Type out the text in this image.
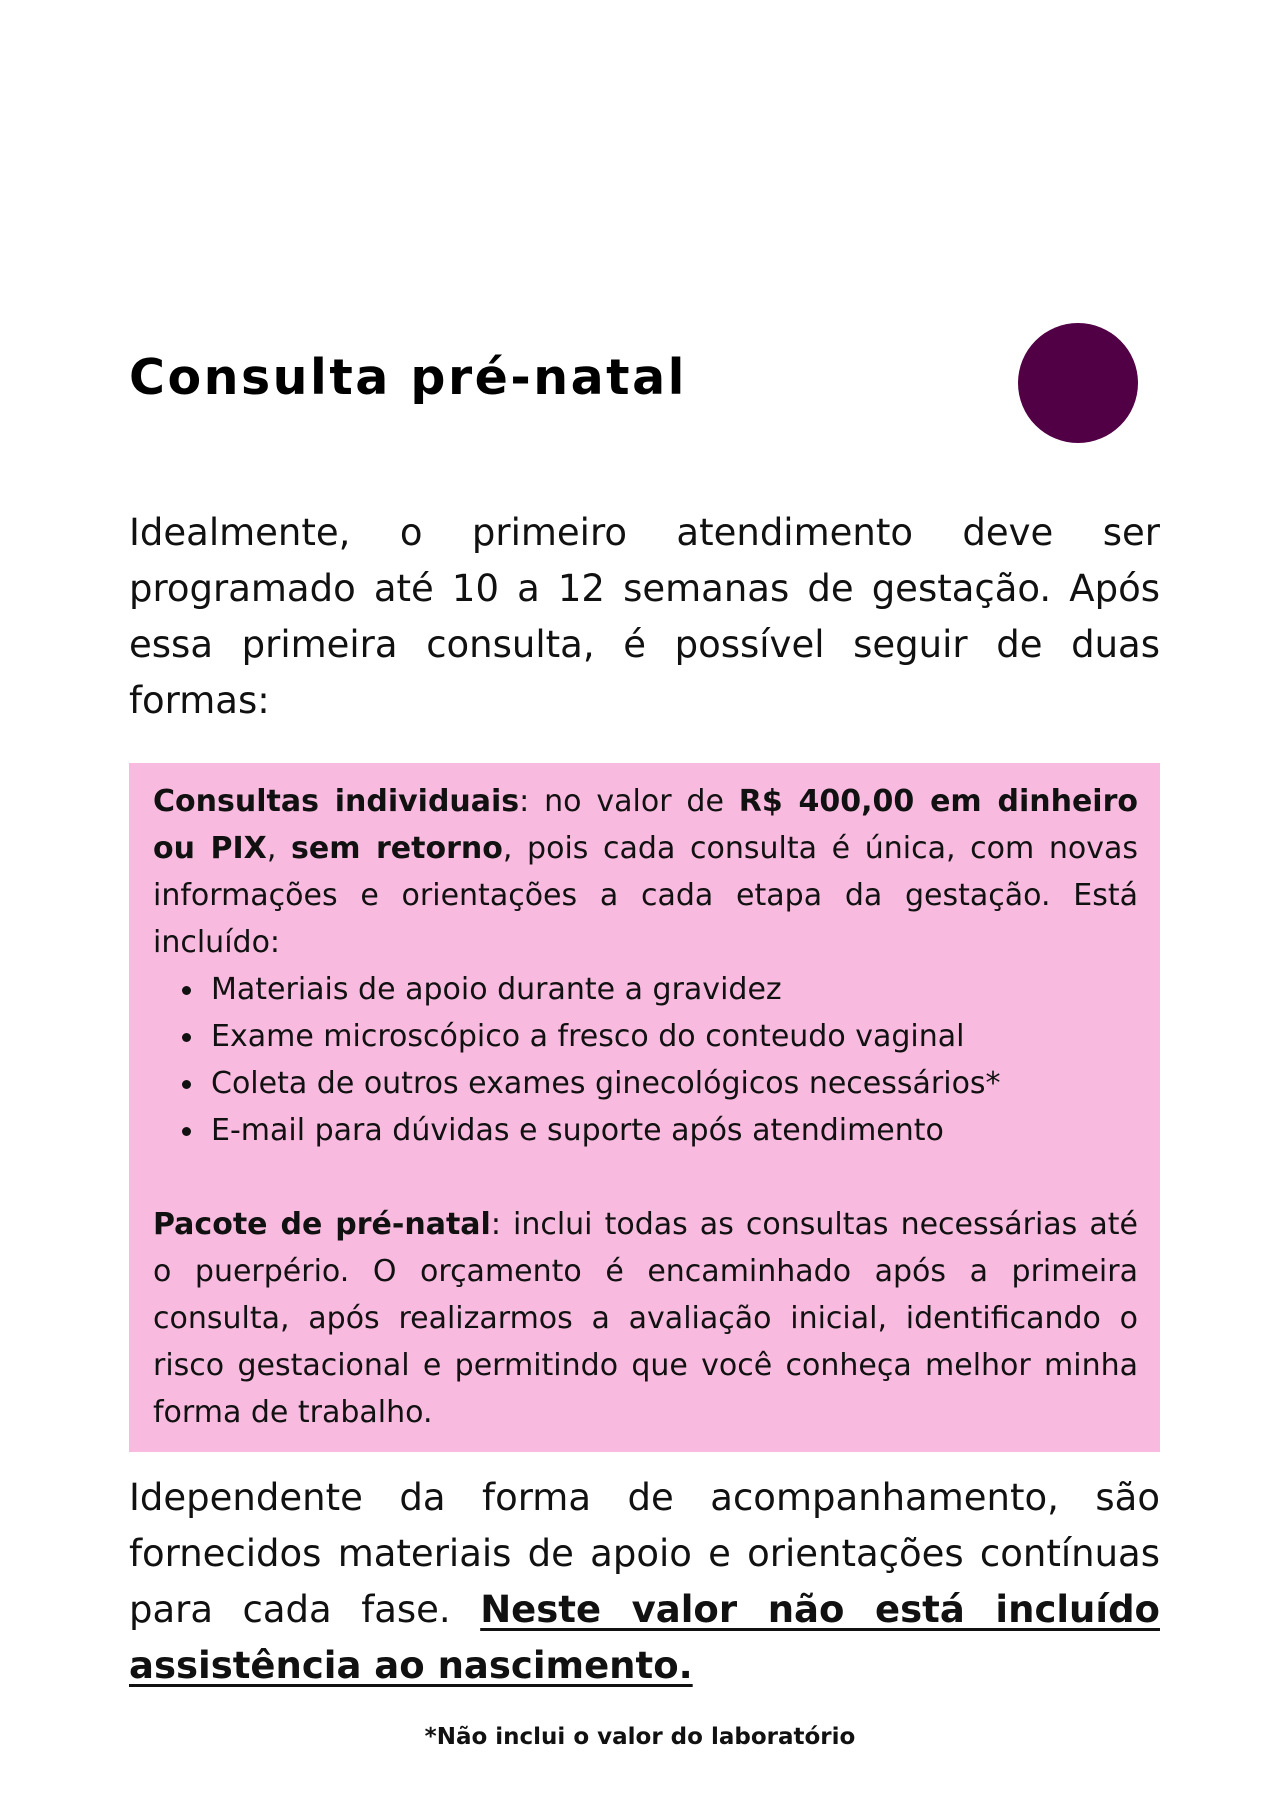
Consulta pré-natal

Idealmente, o primeiro atendimento deve ser programado até 10 a 12 semanas de gestação. Após essa primeira consulta, é possível seguir de duas formas:

Consultas individuais: no valor de R$ 400,00 em dinheiro ou PIX, sem retorno, pois cada consulta é única, com novas informações e orientações a cada etapa da gestação. Está incluído:

Materiais de apoio durante a gravidez
Exame microscópico a fresco do conteudo vaginal
Coleta de outros exames ginecológicos necessários*
E-mail para dúvidas e suporte após atendimento

Pacote de pré-natal: inclui todas as consultas necessárias até o puerpério. O orçamento é encaminhado após a primeira consulta, após realizarmos a avaliação inicial, identificando o risco gestacional e permitindo que você conheça melhor minha forma de trabalho.

Idependente da forma de acompanhamento, são fornecidos materiais de apoio e orientações contínuas para cada fase. Neste valor não está incluído assistência ao nascimento.

*Não inclui o valor do laboratório
